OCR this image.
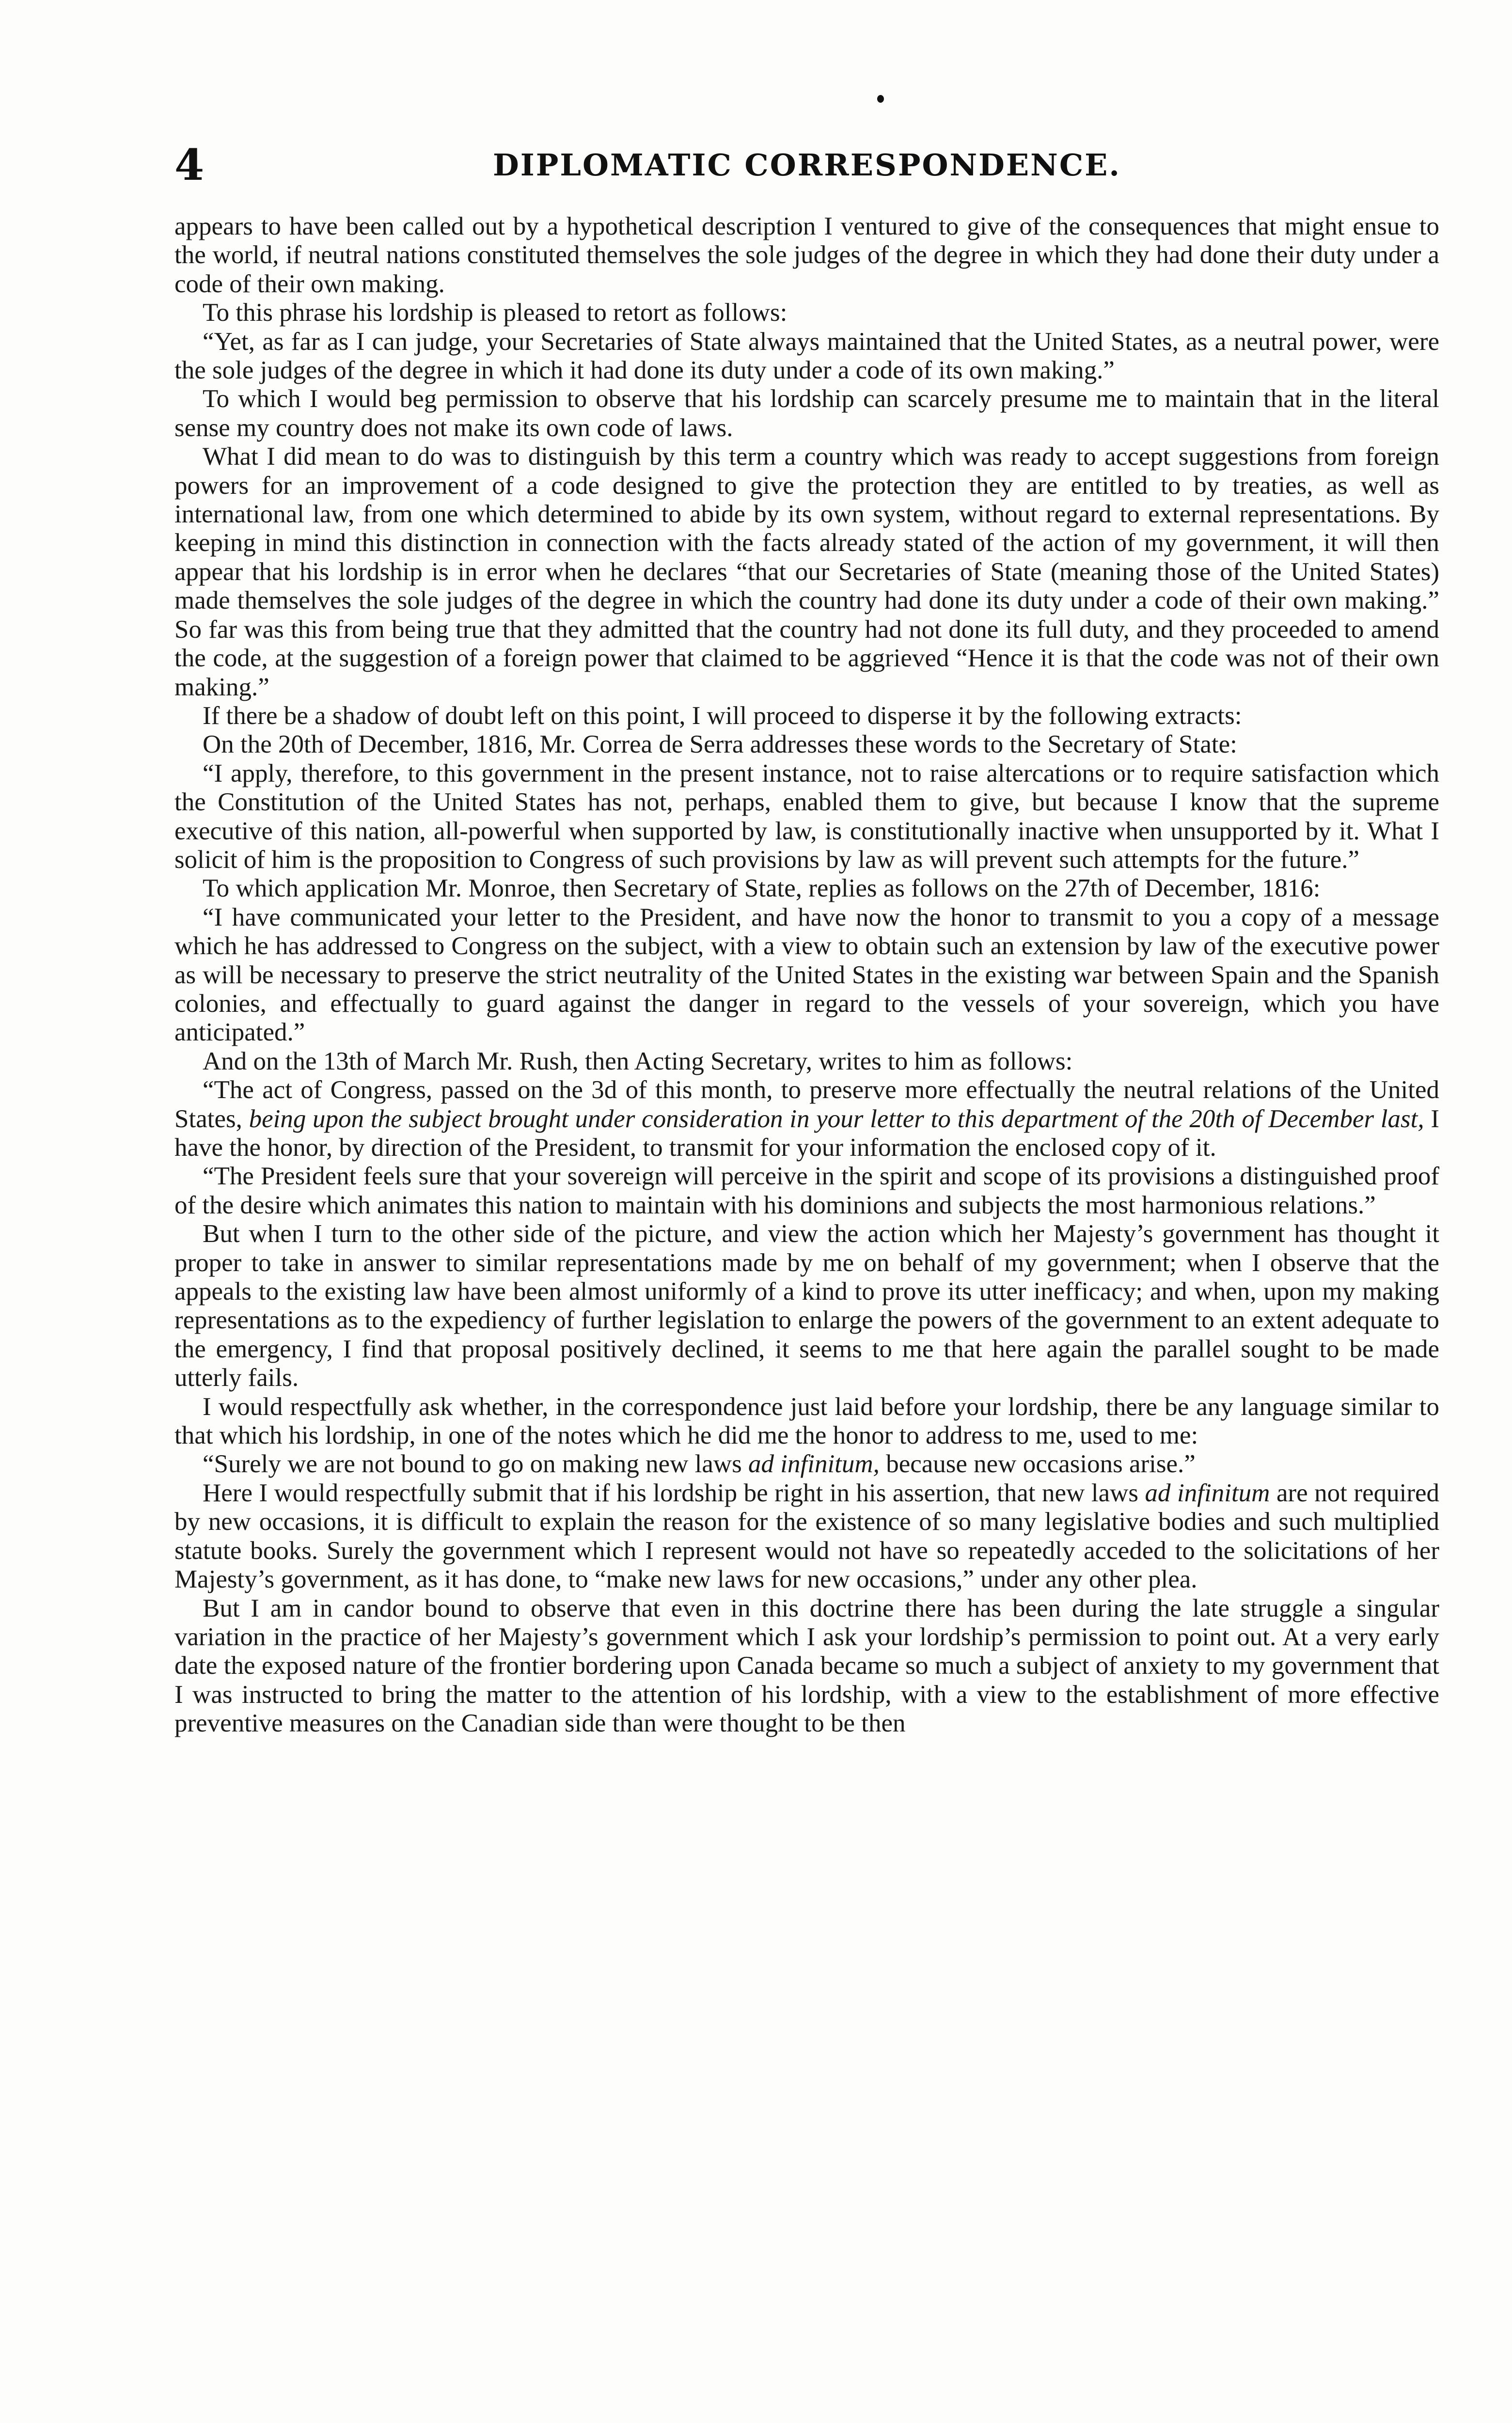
4	DIPLOMATIC CORRESPONDENCE.

appears to have been called out by a hypothetical description I ventured to give of the consequences that might ensue to the world, if neutral nations constituted themselves the sole judges of the degree in which they had done their duty under a code of their own making.

To this phrase his lordship is pleased to retort as follows:

“Yet, as far as I can judge, your Secretaries of State always maintained that the United States, as a neutral power, were the sole judges of the degree in which it had done its duty under a code of its own making.”

To which I would beg permission to observe that his lordship can scarcely presume me to maintain that in the literal sense my country does not make its own code of laws.

What I did mean to do was to distinguish by this term a country which was ready to accept suggestions from foreign powers for an improvement of a code designed to give the protection they are entitled to by treaties, as well as international law, from one which determined to abide by its own system, without regard to external representations. By keeping in mind this distinction in connection with the facts already stated of the action of my government, it will then appear that his lordship is in error when he declares “that our Secretaries of State (meaning those of the United States) made themselves the sole judges of the degree in which the country had done its duty under a code of their own making.” So far was this from being true that they admitted that the country had not done its full duty, and they proceeded to amend the code, at the suggestion of a foreign power that claimed to be aggrieved “Hence it is that the code was not of their own making.”

If there be a shadow of doubt left on this point, I will proceed to disperse it by the following extracts:

On the 20th of December, 1816, Mr. Correa de Serra addresses these words to the Secretary of State:

“I apply, therefore, to this government in the present instance, not to raise altercations or to require satisfaction which the Constitution of the United States has not, perhaps, enabled them to give, but because I know that the supreme executive of this nation, all-powerful when supported by law, is constitutionally inactive when unsupported by it. What I solicit of him is the proposition to Congress of such provisions by law as will prevent such attempts for the future.”

To which application Mr. Monroe, then Secretary of State, replies as follows on the 27th of December, 1816:

“I have communicated your letter to the President, and have now the honor to transmit to you a copy of a message which he has addressed to Congress on the subject, with a view to obtain such an extension by law of the executive power as will be necessary to preserve the strict neutrality of the United States in the existing war between Spain and the Spanish colonies, and effectually to guard against the danger in regard to the vessels of your sovereign, which you have anticipated.”

And on the 13th of March Mr. Rush, then Acting Secretary, writes to him as follows:

“The act of Congress, passed on the 3d of this month, to preserve more effectually the neutral relations of the United States, being upon the subject brought under consideration in your letter to this department of the 20th of December last, I have the honor, by direction of the President, to transmit for your information the enclosed copy of it.

“The President feels sure that your sovereign will perceive in the spirit and scope of its provisions a distinguished proof of the desire which animates this nation to maintain with his dominions and subjects the most harmonious relations.”

But when I turn to the other side of the picture, and view the action which her Majesty’s government has thought it proper to take in answer to similar representations made by me on behalf of my government; when I observe that the appeals to the existing law have been almost uniformly of a kind to prove its utter inefficacy; and when, upon my making representations as to the expediency of further legislation to enlarge the powers of the government to an extent adequate to the emergency, I find that proposal positively declined, it seems to me that here again the parallel sought to be made utterly fails.

I would respectfully ask whether, in the correspondence just laid before your lordship, there be any language similar to that which his lordship, in one of the notes which he did me the honor to address to me, used to me:

“Surely we are not bound to go on making new laws ad infinitum, because new occasions arise.”

Here I would respectfully submit that if his lordship be right in his assertion, that new laws ad infinitum are not required by new occasions, it is difficult to explain the reason for the existence of so many legislative bodies and such multiplied statute books. Surely the government which I represent would not have so repeatedly acceded to the solicitations of her Majesty’s government, as it has done, to “make new laws for new occasions,” under any other plea.

But I am in candor bound to observe that even in this doctrine there has been during the late struggle a singular variation in the practice of her Majesty’s government which I ask your lordship’s permission to point out. At a very early date the exposed nature of the frontier bordering upon Canada became so much a subject of anxiety to my government that I was instructed to bring the matter to the attention of his lordship, with a view to the establishment of more effective preventive measures on the Canadian side than were thought to be then
